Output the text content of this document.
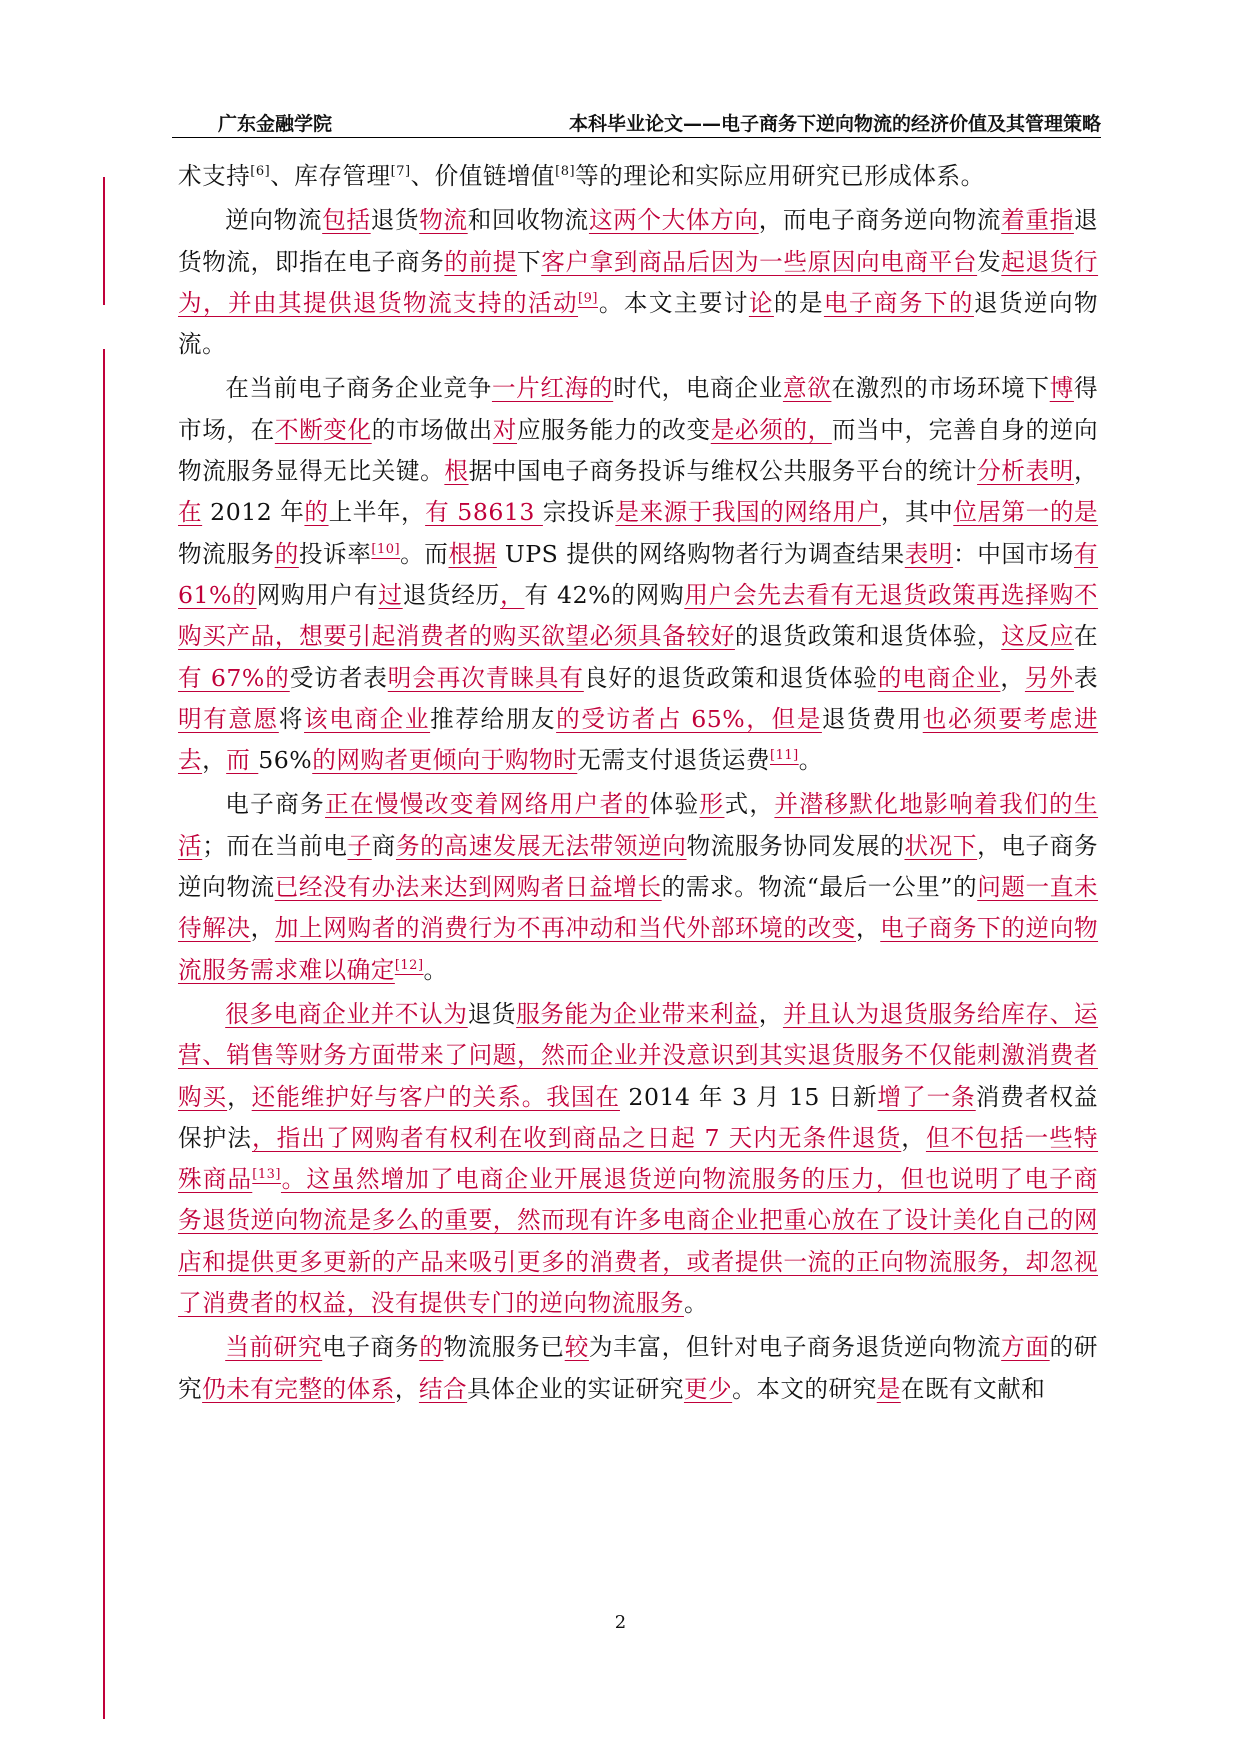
广东金融学院	本科毕业论文——电子商务下逆向物流的经济价值及其管理策略

术支持[6]、库存管理[7]、价值链增值[8]等的理论和实际应用研究已形成体系。

逆向物流包括退货物流和回收物流这两个大体方向，而电子商务逆向物流着重指退货物流，即指在电子商务的前提下客户拿到商品后因为一些原因向电商平台发起退货行为，并由其提供退货物流支持的活动[9]。本文主要讨论的是电子商务下的退货逆向物流。

在当前电子商务企业竞争一片红海的时代，电商企业意欲在激烈的市场环境下博得市场，在不断变化的市场做出对应服务能力的改变是必须的，而当中，完善自身的逆向物流服务显得无比关键。根据中国电子商务投诉与维权公共服务平台的统计分析表明，在 2012 年的上半年，有 58613 宗投诉是来源于我国的网络用户，其中位居第一的是物流服务的投诉率[10]。而根据 UPS 提供的网络购物者行为调查结果表明：中国市场有 61%的网购用户有过退货经历，有 42%的网购用户会先去看有无退货政策再选择购不购买产品，想要引起消费者的购买欲望必须具备较好的退货政策和退货体验，这反应在有 67%的受访者表明会再次青睐具有良好的退货政策和退货体验的电商企业，另外表明有意愿将该电商企业推荐给朋友的受访者占 65%，但是退货费用也必须要考虑进去，而 56%的网购者更倾向于购物时无需支付退货运费[11]。

电子商务正在慢慢改变着网络用户者的体验形式，并潜移默化地影响着我们的生活；而在当前电子商务的高速发展无法带领逆向物流服务协同发展的状况下，电子商务逆向物流已经没有办法来达到网购者日益增长的需求。物流“最后一公里”的问题一直未待解决，加上网购者的消费行为不再冲动和当代外部环境的改变，电子商务下的逆向物流服务需求难以确定[12]。

很多电商企业并不认为退货服务能为企业带来利益，并且认为退货服务给库存、运营、销售等财务方面带来了问题，然而企业并没意识到其实退货服务不仅能刺激消费者购买，还能维护好与客户的关系。我国在 2014 年 3 月 15 日新增了一条消费者权益保护法，指出了网购者有权利在收到商品之日起 7 天内无条件退货，但不包括一些特殊商品[13]。这虽然增加了电商企业开展退货逆向物流服务的压力，但也说明了电子商务退货逆向物流是多么的重要，然而现有许多电商企业把重心放在了设计美化自己的网店和提供更多更新的产品来吸引更多的消费者，或者提供一流的正向物流服务，却忽视了消费者的权益，没有提供专门的逆向物流服务。

当前研究电子商务的物流服务已较为丰富，但针对电子商务退货逆向物流方面的研究仍未有完整的体系，结合具体企业的实证研究更少。本文的研究是在既有文献和

2
